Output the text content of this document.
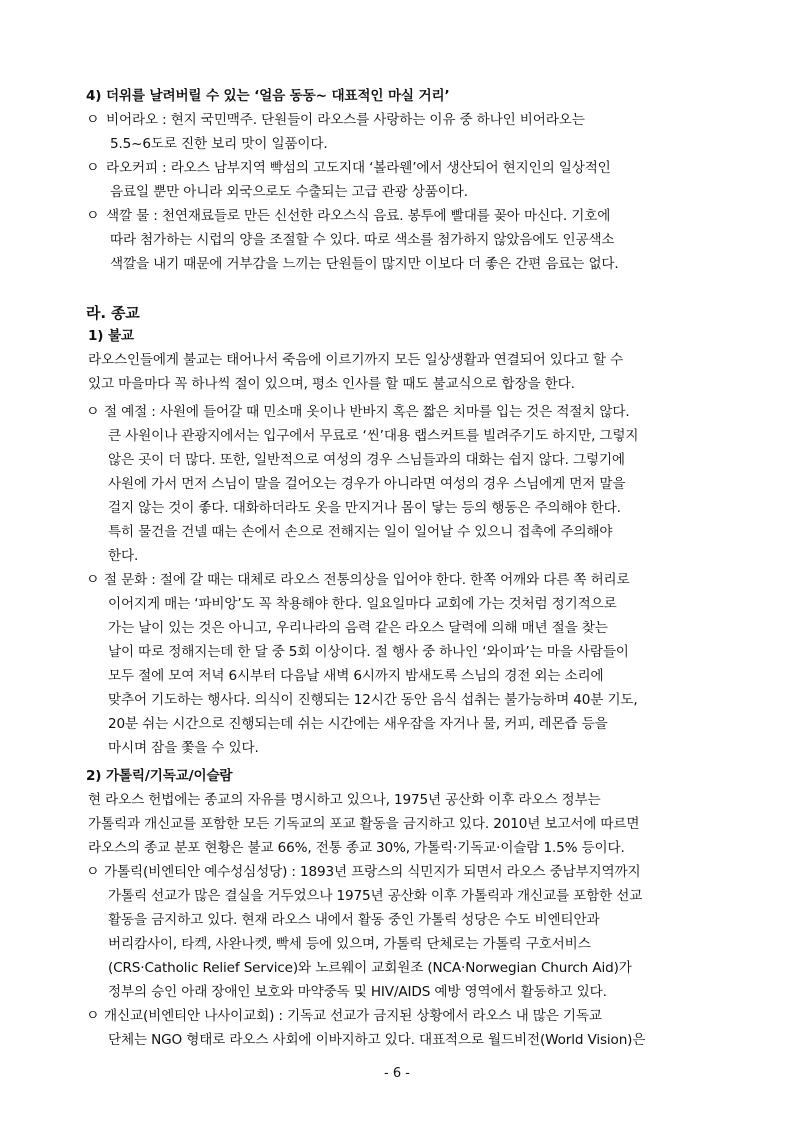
4) 더위를 날려버릴 수 있는 ‘얼음 동동~ 대표적인 마실 거리’
ㅇ 비어라오 : 현지 국민맥주. 단원들이 라오스를 사랑하는 이유 중 하나인 비어라오는
5.5~6도로 진한 보리 맛이 일품이다.
ㅇ 라오커피 : 라오스 남부지역 빡섬의 고도지대 ‘볼라웬’에서 생산되어 현지인의 일상적인
음료일 뿐만 아니라 외국으로도 수출되는 고급 관광 상품이다.
ㅇ 색깔 물 : 천연재료들로 만든 신선한 라오스식 음료. 봉투에 빨대를 꽂아 마신다. 기호에
따라 첨가하는 시럽의 양을 조절할 수 있다. 따로 색소를 첨가하지 않았음에도 인공색소
색깔을 내기 때문에 거부감을 느끼는 단원들이 많지만 이보다 더 좋은 간편 음료는 없다.
라. 종교
1) 불교
라오스인들에게 불교는 태어나서 죽음에 이르기까지 모든 일상생활과 연결되어 있다고 할 수
있고 마을마다 꼭 하나씩 절이 있으며, 평소 인사를 할 때도 불교식으로 합장을 한다.
ㅇ 절 예절 : 사원에 들어갈 때 민소매 옷이나 반바지 혹은 짧은 치마를 입는 것은 적절치 않다.
큰 사원이나 관광지에서는 입구에서 무료로 ‘씬’대용 랩스커트를 빌려주기도 하지만, 그렇지
않은 곳이 더 많다. 또한, 일반적으로 여성의 경우 스님들과의 대화는 쉽지 않다. 그렇기에
사원에 가서 먼저 스님이 말을 걸어오는 경우가 아니라면 여성의 경우 스님에게 먼저 말을
걸지 않는 것이 좋다. 대화하더라도 옷을 만지거나 몸이 닿는 등의 행동은 주의해야 한다.
특히 물건을 건넬 때는 손에서 손으로 전해지는 일이 일어날 수 있으니 접촉에 주의해야
한다.
ㅇ 절 문화 : 절에 갈 때는 대체로 라오스 전통의상을 입어야 한다. 한쪽 어깨와 다른 쪽 허리로
이어지게 매는 ‘파비앙’도 꼭 착용해야 한다. 일요일마다 교회에 가는 것처럼 정기적으로
가는 날이 있는 것은 아니고, 우리나라의 음력 같은 라오스 달력에 의해 매년 절을 찾는
날이 따로 정해지는데 한 달 중 5회 이상이다. 절 행사 중 하나인 ‘와이파’는 마을 사람들이
모두 절에 모여 저녁 6시부터 다음날 새벽 6시까지 밤새도록 스님의 경전 외는 소리에
맞추어 기도하는 행사다. 의식이 진행되는 12시간 동안 음식 섭취는 불가능하며 40분 기도,
20분 쉬는 시간으로 진행되는데 쉬는 시간에는 새우잠을 자거나 물, 커피, 레몬즙 등을
마시며 잠을 쫓을 수 있다.
2) 가톨릭/기독교/이슬람
현 라오스 헌법에는 종교의 자유를 명시하고 있으나, 1975년 공산화 이후 라오스 정부는
가톨릭과 개신교를 포함한 모든 기독교의 포교 활동을 금지하고 있다. 2010년 보고서에 따르면
라오스의 종교 분포 현황은 불교 66%, 전통 종교 30%, 가톨릭·기독교·이슬람 1.5% 등이다.
ㅇ 가톨릭(비엔티안 예수성심성당) : 1893년 프랑스의 식민지가 되면서 라오스 중남부지역까지
가톨릭 선교가 많은 결실을 거두었으나 1975년 공산화 이후 가톨릭과 개신교를 포함한 선교
활동을 금지하고 있다. 현재 라오스 내에서 활동 중인 가톨릭 성당은 수도 비엔티안과
버리캄사이, 타켁, 사완나켓, 빡세 등에 있으며, 가톨릭 단체로는 가톨릭 구호서비스
(CRS·Catholic Relief Service)와 노르웨이 교회원조 (NCA·Norwegian Church Aid)가
정부의 승인 아래 장애인 보호와 마약중독 및 HIV/AIDS 예방 영역에서 활동하고 있다.
ㅇ 개신교(비엔티안 나사이교회) : 기독교 선교가 금지된 상황에서 라오스 내 많은 기독교
단체는 NGO 형태로 라오스 사회에 이바지하고 있다. 대표적으로 월드비전(World Vision)은
- 6 -
